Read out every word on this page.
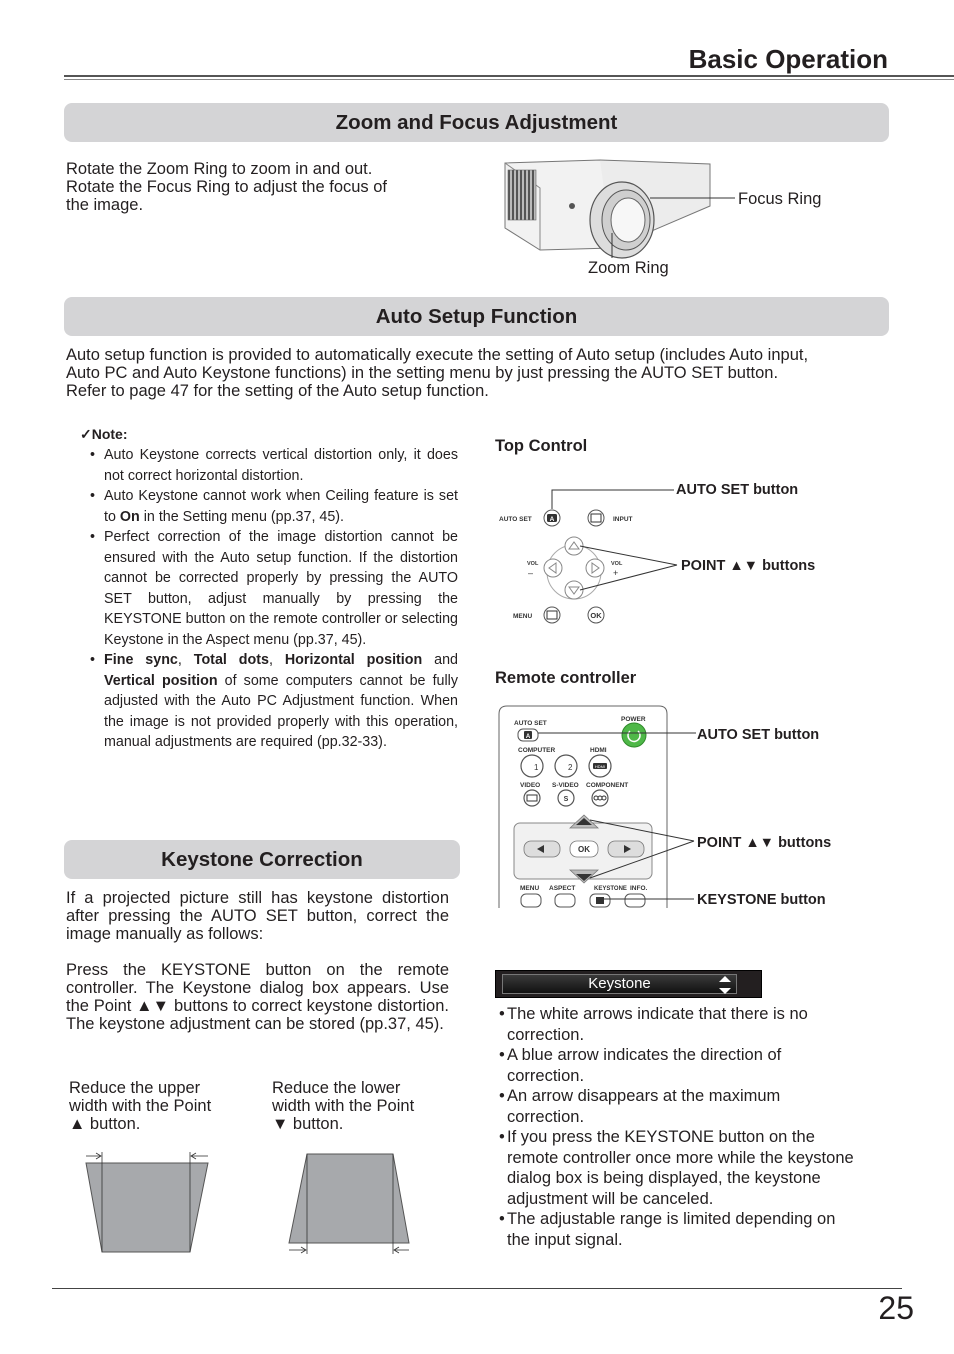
Basic Operation
Zoom and Focus Adjustment
Rotate the Zoom Ring to zoom in and out.
Rotate the Focus Ring to adjust the focus of
the image.	Focus Ring
Zoom Ring
Auto Setup Function
Auto setup function is provided to automatically execute the setting of Auto setup (includes Auto input,
Auto PC and Auto Keystone functions) in the setting menu by just pressing the AUTO SET button.
Refer to page 47 for the setting of the Auto setup function.
✓Note:
• Auto Keystone corrects vertical distortion only, it does not correct horizontal distortion.
• Auto Keystone cannot work when Ceiling feature is set to On in the Setting menu (pp.37, 45).
• Perfect correction of the image distortion cannot be ensured with the Auto setup function. If the distortion cannot be corrected properly by pressing the AUTO SET button, adjust manually by pressing the KEYSTONE button on the remote controller or selecting Keystone in the Aspect menu (pp.37, 45).
• Fine sync, Total dots, Horizontal position and Vertical position of some computers cannot be fully adjusted with the Auto PC Adjustment function. When the image is not provided properly with this operation, manual adjustments are required (pp.32-33).
Top Control
AUTO SET	A	INPUT
VOL
–
VOL
+
MENU	OK
AUTO SET button
POINT ▲▼ buttons
Remote controller
AUTO SET
A
POWER
COMPUTER	HDMI
1	2	HDMI
VIDEO S-VIDEO COMPONENT
S
OK
MENU ASPECT	KEYSTONE INFO.
AUTO SET button
POINT ▲▼ buttons
KEYSTONE button
Keystone Correction
If a projected picture still has keystone distortion after pressing the AUTO SET button, correct the image manually as follows:
Press the KEYSTONE button on the remote controller. The Keystone dialog box appears. Use the Point ▲▼ buttons to correct keystone distortion. The keystone adjustment can be stored (pp.37, 45).
Reduce the upper
width with the Point
▲ button.
Reduce the lower
width with the Point
▼ button.
Keystone
• The white arrows indicate that there is no correction.
• A blue arrow indicates the direction of correction.
• An arrow disappears at the maximum correction.
• If you press the KEYSTONE button on the remote controller once more while the keystone dialog box is being displayed, the keystone adjustment will be canceled.
• The adjustable range is limited depending on the input signal.
25
